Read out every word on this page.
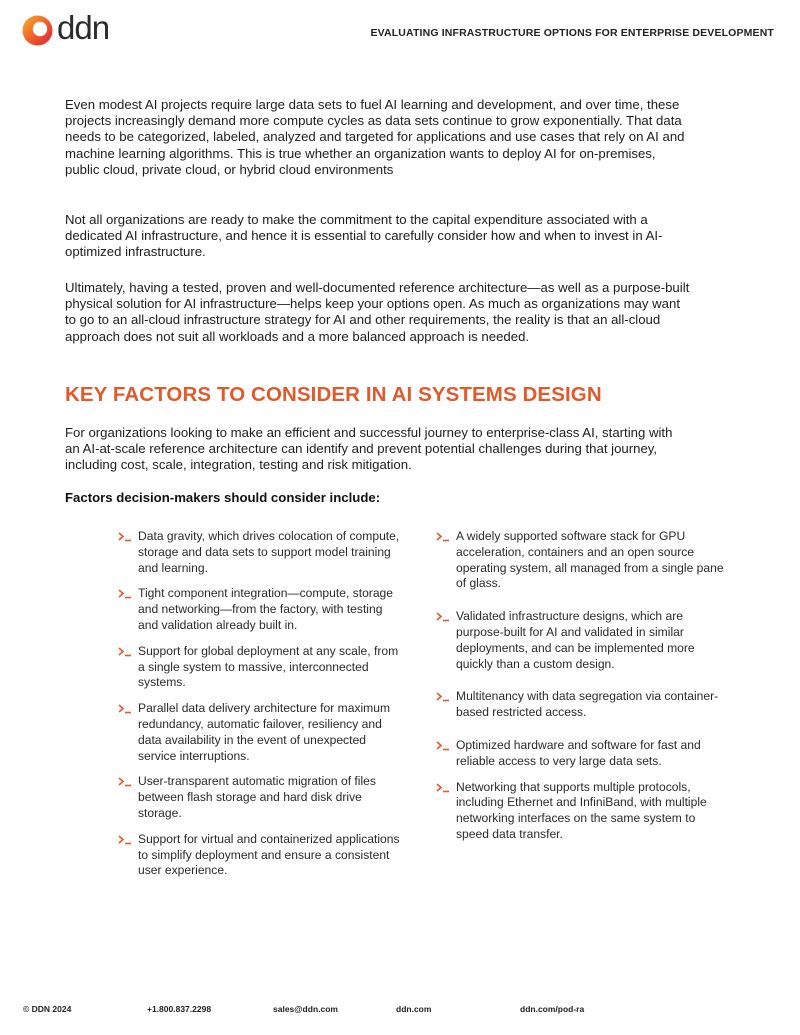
ddn	EVALUATING INFRASTRUCTURE OPTIONS FOR ENTERPRISE DEVELOPMENT

Even modest AI projects require large data sets to fuel AI learning and development, and over time, these projects increasingly demand more compute cycles as data sets continue to grow exponentially. That data needs to be categorized, labeled, analyzed and targeted for applications and use cases that rely on AI and machine learning algorithms. This is true whether an organization wants to deploy AI for on-premises, public cloud, private cloud, or hybrid cloud environments

Not all organizations are ready to make the commitment to the capital expenditure associated with a dedicated AI infrastructure, and hence it is essential to carefully consider how and when to invest in AI-optimized infrastructure.

Ultimately, having a tested, proven and well-documented reference architecture—as well as a purpose-built physical solution for AI infrastructure—helps keep your options open. As much as organizations may want to go to an all-cloud infrastructure strategy for AI and other requirements, the reality is that an all-cloud approach does not suit all workloads and a more balanced approach is needed.

KEY FACTORS TO CONSIDER IN AI SYSTEMS DESIGN

For organizations looking to make an efficient and successful journey to enterprise-class AI, starting with an AI-at-scale reference architecture can identify and prevent potential challenges during that journey, including cost, scale, integration, testing and risk mitigation.

Factors decision-makers should consider include:

Data gravity, which drives colocation of compute, storage and data sets to support model training and learning.
Tight component integration—compute, storage and networking—from the factory, with testing and validation already built in.
Support for global deployment at any scale, from a single system to massive, interconnected systems.
Parallel data delivery architecture for maximum redundancy, automatic failover, resiliency and data availability in the event of unexpected service interruptions.
User-transparent automatic migration of files between flash storage and hard disk drive storage.
Support for virtual and containerized applications to simplify deployment and ensure a consistent user experience.
A widely supported software stack for GPU acceleration, containers and an open source operating system, all managed from a single pane of glass.
Validated infrastructure designs, which are purpose-built for AI and validated in similar deployments, and can be implemented more quickly than a custom design.
Multitenancy with data segregation via container-based restricted access.
Optimized hardware and software for fast and reliable access to very large data sets.
Networking that supports multiple protocols, including Ethernet and InfiniBand, with multiple networking interfaces on the same system to speed data transfer.
© DDN 2024	+1.800.837.2298	sales@ddn.com	ddn.com	ddn.com/pod-ra
